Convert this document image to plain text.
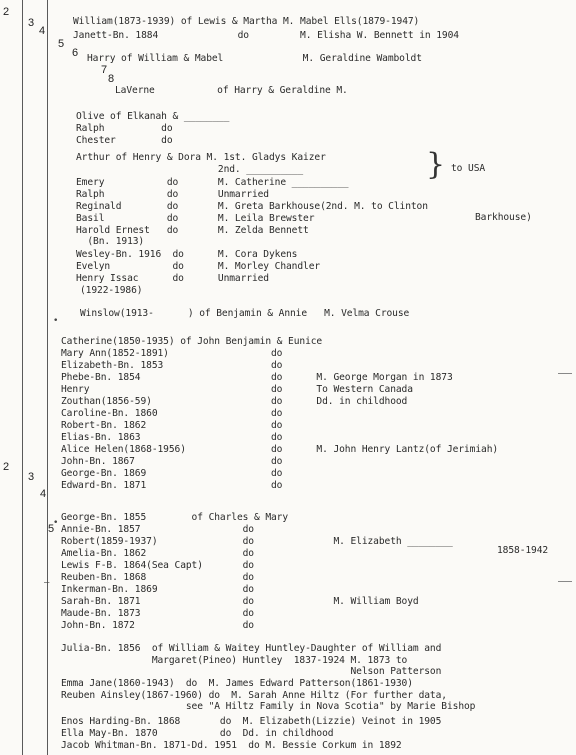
2
3
4
5
6
7
8
2
3
4
5
•
•
–
William(1873-1939) of Lewis & Martha M. Mabel Ells(1879-1947)
Janett-Bn. 1884              do         M. Elisha W. Bennett in 1904
Harry of William & Mabel              M. Geraldine Wamboldt
LaVerne           of Harry & Geraldine M.
Olive of Elkanah & ________
Ralph          do
Chester        do
Arthur of Henry & Dora M. 1st. Gladys Kaizer
2nd. __________
Emery           do       M. Catherine __________
Ralph           do       Unmarried
Reginald        do       M. Greta Barkhouse(2nd. M. to Clinton
Basil           do       M. Leila Brewster
Harold Ernest   do       M. Zelda Bennett
(Bn. 1913)
Wesley-Bn. 1916  do      M. Cora Dykens
Evelyn           do      M. Morley Chandler
Henry Issac      do      Unmarried
(1922-1986)
Winslow(1913-      ) of Benjamin & Annie   M. Velma Crouse
Catherine(1850-1935) of John Benjamin & Eunice
Mary Ann(1852-1891)                  do
Elizabeth-Bn. 1853                   do
Phebe-Bn. 1854                       do      M. George Morgan in 1873
Henry                                do      To Western Canada
Zouthan(1856-59)                     do      Dd. in childhood
Caroline-Bn. 1860                    do
Robert-Bn. 1862                      do
Elias-Bn. 1863                       do
Alice Helen(1868-1956)               do      M. John Henry Lantz(of Jerimiah)
John-Bn. 1867                        do
George-Bn. 1869                      do
Edward-Bn. 1871                      do
George-Bn. 1855        of Charles & Mary
Annie-Bn. 1857                  do
Robert(1859-1937)               do              M. Elizabeth ________
Amelia-Bn. 1862                 do
Lewis F-B. 1864(Sea Capt)       do
Reuben-Bn. 1868                 do
Inkerman-Bn. 1869               do
Sarah-Bn. 1871                  do              M. William Boyd
Maude-Bn. 1873                  do
John-Bn. 1872                   do
Julia-Bn. 1856  of William & Waitey Huntley-Daughter of William and
Margaret(Pineo) Huntley  1837-1924 M. 1873 to
Nelson Patterson
Emma Jane(1860-1943)  do  M. James Edward Patterson(1861-1930)
Reuben Ainsley(1867-1960) do  M. Sarah Anne Hiltz (For further data,
see "A Hiltz Family in Nova Scotia" by Marie Bishop
Enos Harding-Bn. 1868       do  M. Elizabeth(Lizzie) Veinot in 1905
Ella May-Bn. 1870           do  Dd. in childhood
Jacob Whitman-Bn. 1871-Dd. 1951  do M. Bessie Corkum in 1892
} to USA
Barkhouse)
1858-1942
